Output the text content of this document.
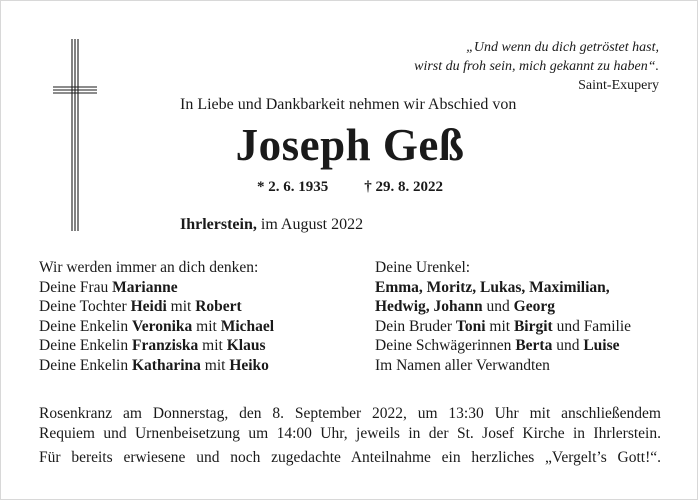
„Und wenn du dich getröstet hast,
wirst du froh sein, mich gekannt zu haben“.
Saint-Exupery
In Liebe und Dankbarkeit nehmen wir Abschied von
Joseph Geß
* 2. 6. 1935 † 29. 8. 2022
Ihrlerstein, im August 2022
Wir werden immer an dich denken:
Deine Frau Marianne
Deine Tochter Heidi mit Robert
Deine Enkelin Veronika mit Michael
Deine Enkelin Franziska mit Klaus
Deine Enkelin Katharina mit Heiko
Deine Urenkel:
Emma, Moritz, Lukas, Maximilian,
Hedwig, Johann und Georg
Dein Bruder Toni mit Birgit und Familie
Deine Schwägerinnen Berta und Luise
Im Namen aller Verwandten
Rosenkranz am Donnerstag, den 8. September 2022, um 13:30 Uhr mit anschließendem
Requiem und Urnenbeisetzung um 14:00 Uhr, jeweils in der St. Josef Kirche in Ihrlerstein.
Für bereits erwiesene und noch zugedachte Anteilnahme ein herzliches „Vergelt’s Gott!“.
